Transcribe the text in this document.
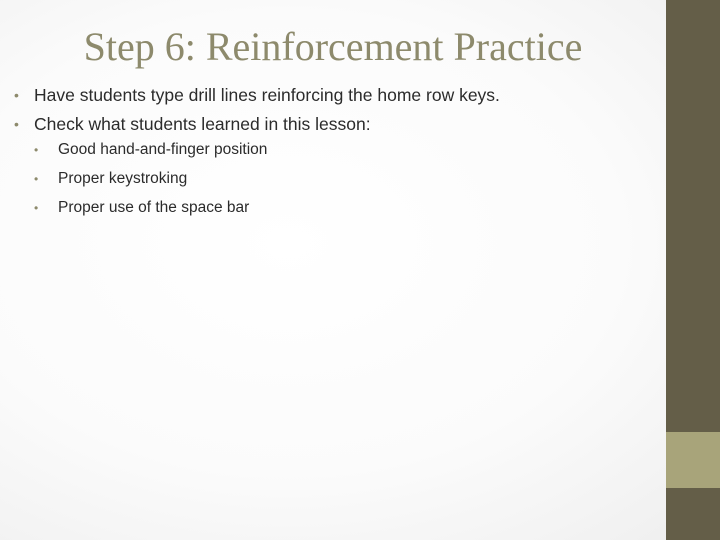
Step 6: Reinforcement Practice
• Have students type drill lines reinforcing the home row keys.
• Check what students learned in this lesson:
• Good hand-and-finger position
• Proper keystroking
• Proper use of the space bar
